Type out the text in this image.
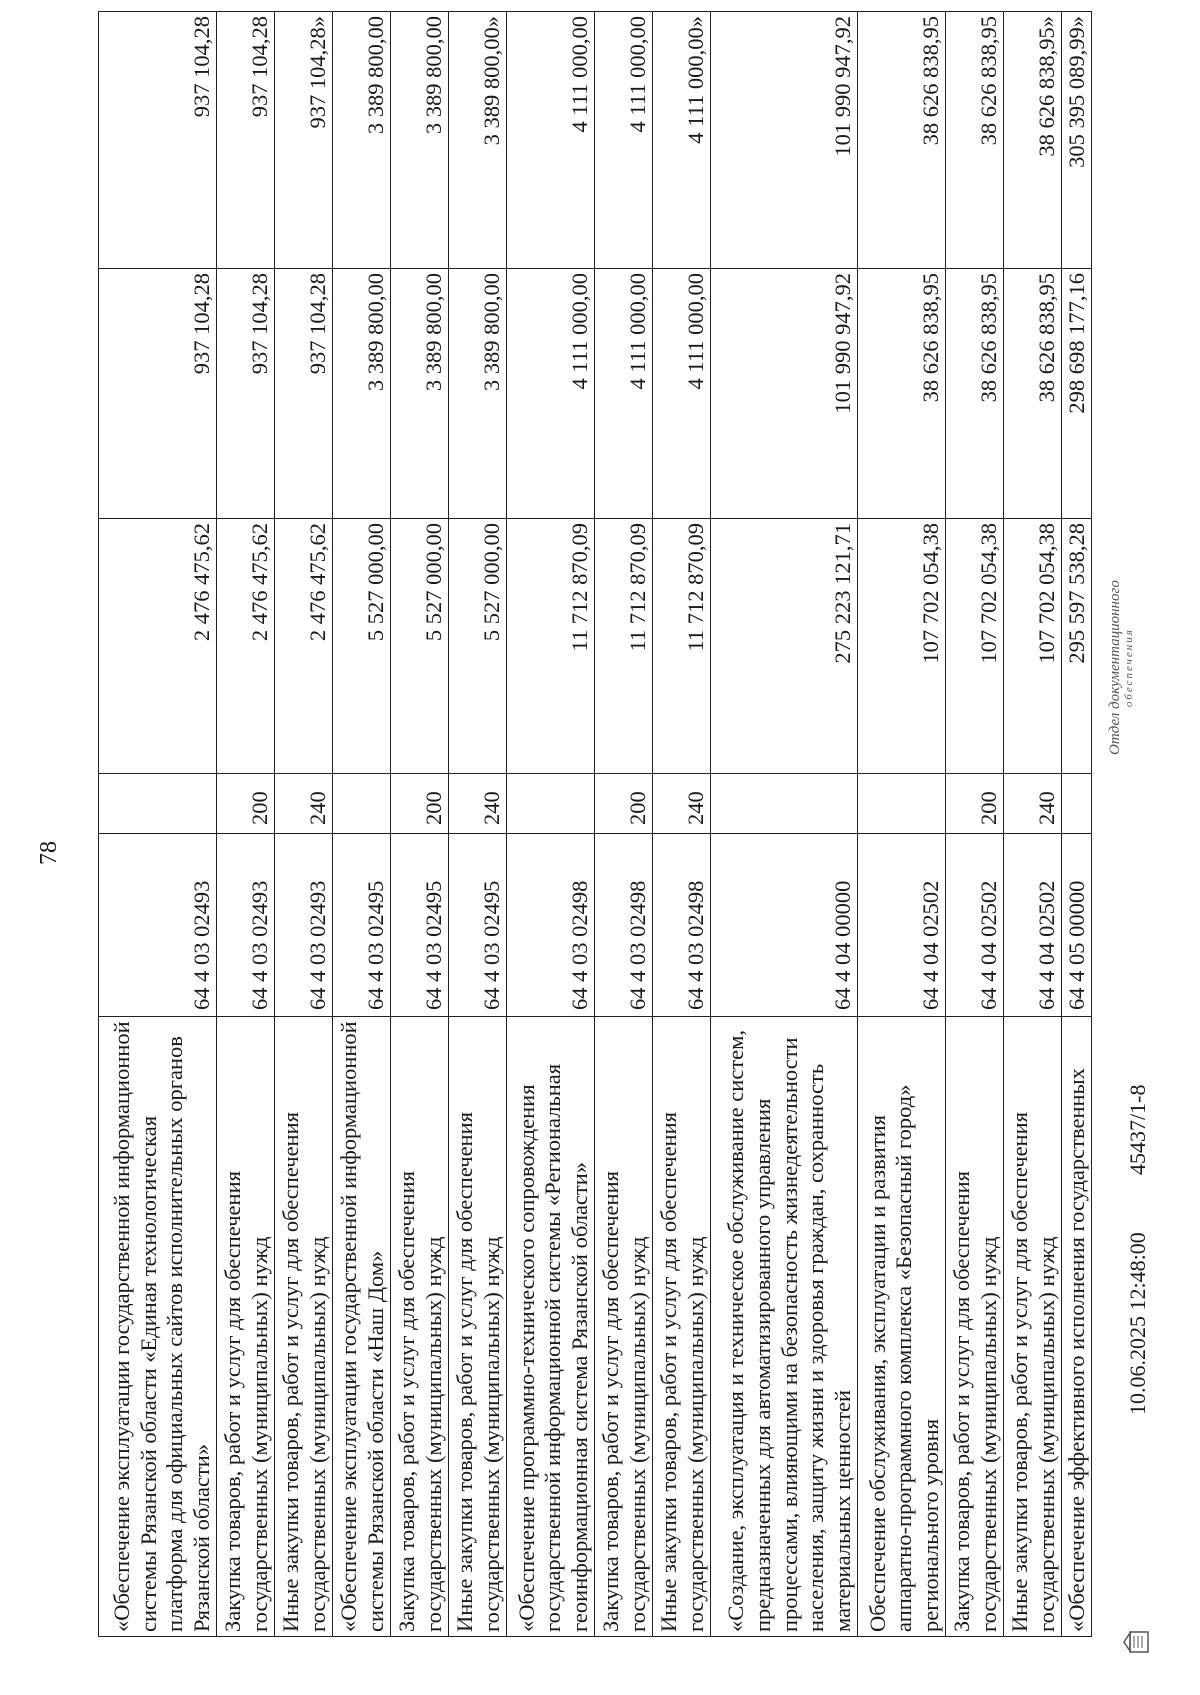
78
«Обеспечение эксплуатации государственной информационной системы Рязанской области «Единая технологическая платформа для официальных сайтов исполнительных органов Рязанской области»	64 4 03 02493		2 476 475,62	937 104,28	937 104,28
Закупка товаров, работ и услуг для обеспечения государственных (муниципальных) нужд	64 4 03 02493	200	2 476 475,62	937 104,28	937 104,28
Иные закупки товаров, работ и услуг для обеспечения государственных (муниципальных) нужд	64 4 03 02493	240	2 476 475,62	937 104,28	937 104,28»
«Обеспечение эксплуатации государственной информационной системы Рязанской области «Наш Дом»	64 4 03 02495		5 527 000,00	3 389 800,00	3 389 800,00
Закупка товаров, работ и услуг для обеспечения государственных (муниципальных) нужд	64 4 03 02495	200	5 527 000,00	3 389 800,00	3 389 800,00
Иные закупки товаров, работ и услуг для обеспечения государственных (муниципальных) нужд	64 4 03 02495	240	5 527 000,00	3 389 800,00	3 389 800,00»
«Обеспечение программно-технического сопровождения государственной информационной системы «Региональная геоинформационная система Рязанской области»	64 4 03 02498		11 712 870,09	4 111 000,00	4 111 000,00
Закупка товаров, работ и услуг для обеспечения государственных (муниципальных) нужд	64 4 03 02498	200	11 712 870,09	4 111 000,00	4 111 000,00
Иные закупки товаров, работ и услуг для обеспечения государственных (муниципальных) нужд	64 4 03 02498	240	11 712 870,09	4 111 000,00	4 111 000,00»
«Создание, эксплуатация и техническое обслуживание систем, предназначенных для автоматизированного управления процессами, влияющими на безопасность жизнедеятельности населения, защиту жизни и здоровья граждан, сохранность материальных ценностей	64 4 04 00000		275 223 121,71	101 990 947,92	101 990 947,92
Обеспечение обслуживания, эксплуатации и развития аппаратно-программного комплекса «Безопасный город» регионального уровня	64 4 04 02502		107 702 054,38	38 626 838,95	38 626 838,95
Закупка товаров, работ и услуг для обеспечения государственных (муниципальных) нужд	64 4 04 02502	200	107 702 054,38	38 626 838,95	38 626 838,95
Иные закупки товаров, работ и услуг для обеспечения государственных (муниципальных) нужд	64 4 04 02502	240	107 702 054,38	38 626 838,95	38 626 838,95»
«Обеспечение эффективного исполнения государственных	64 4 05 00000		295 597 538,28	298 698 177,16	305 395 089,99»
10.06.2025 12:48:00
45437/1-8
Отдел документационного обеспечения
